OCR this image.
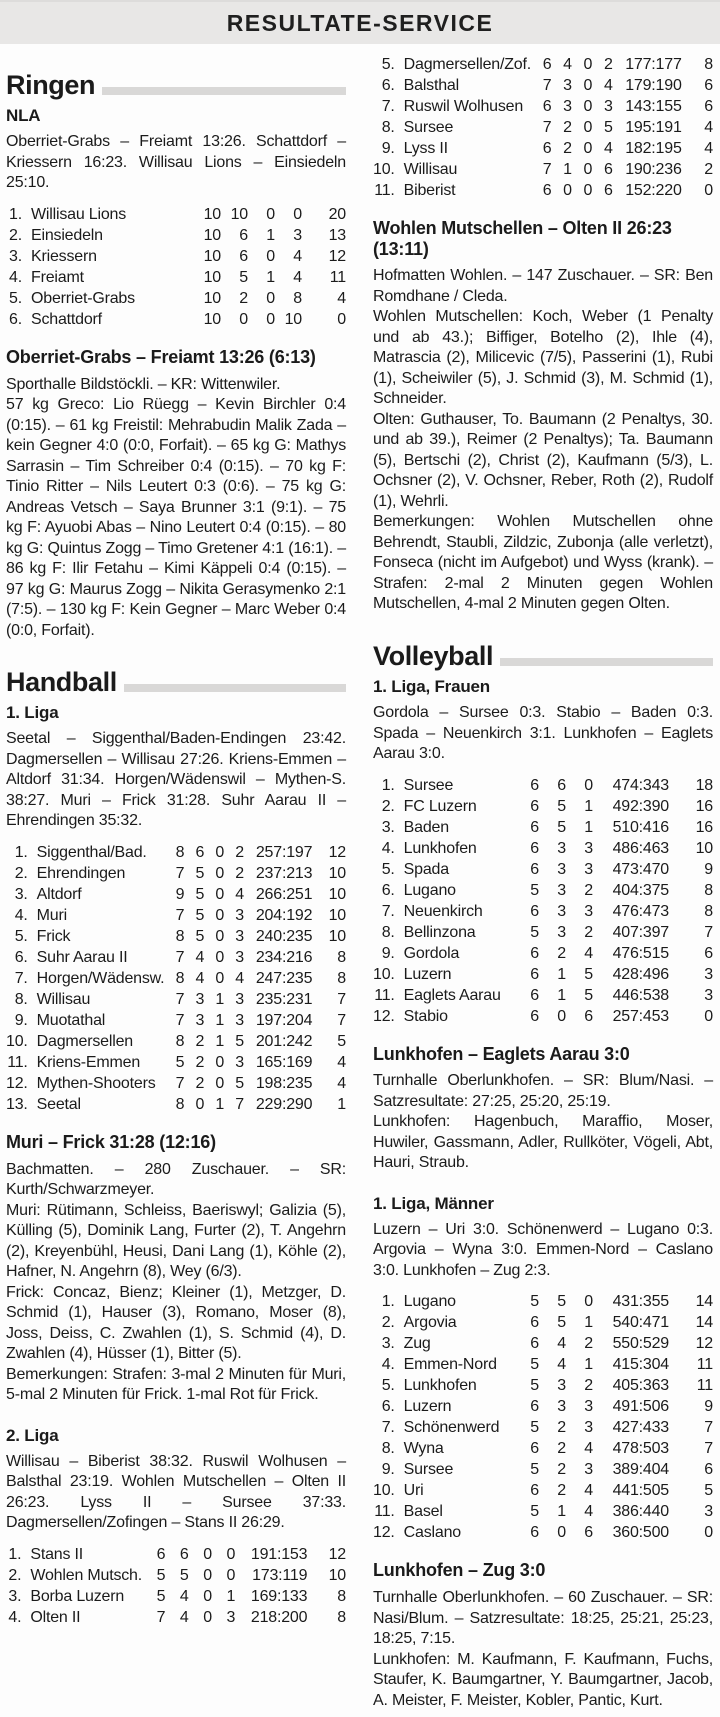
RESULTATE-SERVICE
Ringen
NLA

Oberriet-Grabs – Freiamt 13:26. Schattdorf – Kriessern 16:23. Willisau Lions – Einsiedeln 25:10.

1.	Willisau Lions	10	10	0	0	20
2.	Einsiedeln	10	6	1	3	13
3.	Kriessern	10	6	0	4	12
4.	Freiamt	10	5	1	4	11
5.	Oberriet-Grabs	10	2	0	8	4
6.	Schattdorf	10	0	0	10	0
Oberriet-Grabs – Freiamt 13:26 (6:13)

Sporthalle Bildstöckli. – KR: Wittenwiler.

57 kg Greco: Lio Rüegg – Kevin Birchler 0:4 (0:15). – 61 kg Freistil: Mehrabudin Malik Zada – kein Gegner 4:0 (0:0, Forfait). – 65 kg G: Mathys Sarrasin – Tim Schreiber 0:4 (0:15). – 70 kg F: Tinio Ritter – Nils Leutert 0:3 (0:6). – 75 kg G: Andreas Vetsch – Saya Brunner 3:1 (9:1). – 75 kg F: Ayuobi Abas – Nino Leutert 0:4 (0:15). – 80 kg G: Quintus Zogg – Timo Gretener 4:1 (16:1). – 86 kg F: Ilir Fetahu – Kimi Käppeli 0:4 (0:15). – 97 kg G: Maurus Zogg – Nikita Gerasymenko 2:1 (7:5). – 130 kg F: Kein Gegner – Marc Weber 0:4 (0:0, Forfait).

Handball
1. Liga

Seetal – Siggenthal/Baden-Endingen 23:42. Dagmersellen – Willisau 27:26. Kriens-Emmen – Altdorf 31:34. Horgen/Wädenswil – Mythen-S. 38:27. Muri – Frick 31:28. Suhr Aarau II – Ehrendingen 35:32.

1.	Siggenthal/Bad.	8	6	0	2	257:197	12
2.	Ehrendingen	7	5	0	2	237:213	10
3.	Altdorf	9	5	0	4	266:251	10
4.	Muri	7	5	0	3	204:192	10
5.	Frick	8	5	0	3	240:235	10
6.	Suhr Aarau II	7	4	0	3	234:216	8
7.	Horgen/Wädensw.	8	4	0	4	247:235	8
8.	Willisau	7	3	1	3	235:231	7
9.	Muotathal	7	3	1	3	197:204	7
10.	Dagmersellen	8	2	1	5	201:242	5
11.	Kriens-Emmen	5	2	0	3	165:169	4
12.	Mythen-Shooters	7	2	0	5	198:235	4
13.	Seetal	8	0	1	7	229:290	1
Muri – Frick 31:28 (12:16)

Bachmatten. – 280 Zuschauer. – SR: Kurth/Schwarzmeyer.

Muri: Rütimann, Schleiss, Baeriswyl; Galizia (5), Külling (5), Dominik Lang, Furter (2), T. Angehrn (2), Kreyenbühl, Heusi, Dani Lang (1), Köhle (2), Hafner, N. Angehrn (8), Wey (6/3).

Frick: Concaz, Bienz; Kleiner (1), Metzger, D. Schmid (1), Hauser (3), Romano, Moser (8), Joss, Deiss, C. Zwahlen (1), S. Schmid (4), D. Zwahlen (4), Hüsser (1), Bitter (5).

Bemerkungen: Strafen: 3-mal 2 Minuten für Muri, 5-mal 2 Minuten für Frick. 1-mal Rot für Frick.

2. Liga

Willisau – Biberist 38:32. Ruswil Wolhusen – Balsthal 23:19. Wohlen Mutschellen – Olten II 26:23. Lyss II – Sursee 37:33. Dagmersellen/Zofingen – Stans II 26:29.

1.	Stans II	6	6	0	0	191:153	12
2.	Wohlen Mutsch.	5	5	0	0	173:119	10
3.	Borba Luzern	5	4	0	1	169:133	8
4.	Olten II	7	4	0	3	218:200	8
5.	Dagmersellen/Zof.	6	4	0	2	177:177	8
6.	Balsthal	7	3	0	4	179:190	6
7.	Ruswil Wolhusen	6	3	0	3	143:155	6
8.	Sursee	7	2	0	5	195:191	4
9.	Lyss II	6	2	0	4	182:195	4
10.	Willisau	7	1	0	6	190:236	2
11.	Biberist	6	0	0	6	152:220	0
Wohlen Mutschellen – Olten II 26:23 (13:11)

Hofmatten Wohlen. – 147 Zuschauer. – SR: Ben Romdhane / Cleda.

Wohlen Mutschellen: Koch, Weber (1 Penalty und ab 43.); Biffiger, Botelho (2), Ihle (4), Matrascia (2), Milicevic (7/5), Passerini (1), Rubi (1), Scheiwiler (5), J. Schmid (3), M. Schmid (1), Schneider.

Olten: Guthauser, To. Baumann (2 Penaltys, 30. und ab 39.), Reimer (2 Penaltys); Ta. Baumann (5), Bertschi (2), Christ (2), Kaufmann (5/3), L. Ochsner (2), V. Ochsner, Reber, Roth (2), Rudolf (1), Wehrli.

Bemerkungen: Wohlen Mutschellen ohne Behrendt, Staubli, Zildzic, Zubonja (alle verletzt), Fonseca (nicht im Aufgebot) und Wyss (krank). – Strafen: 2-mal 2 Minuten gegen Wohlen Mutschellen, 4-mal 2 Minuten gegen Olten.

Volleyball
1. Liga, Frauen

Gordola – Sursee 0:3. Stabio – Baden 0:3. Spada – Neuenkirch 3:1. Lunkhofen – Eaglets Aarau 3:0.

1.	Sursee	6	6	0	474:343	18
2.	FC Luzern	6	5	1	492:390	16
3.	Baden	6	5	1	510:416	16
4.	Lunkhofen	6	3	3	486:463	10
5.	Spada	6	3	3	473:470	9
6.	Lugano	5	3	2	404:375	8
7.	Neuenkirch	6	3	3	476:473	8
8.	Bellinzona	5	3	2	407:397	7
9.	Gordola	6	2	4	476:515	6
10.	Luzern	6	1	5	428:496	3
11.	Eaglets Aarau	6	1	5	446:538	3
12.	Stabio	6	0	6	257:453	0
Lunkhofen – Eaglets Aarau 3:0

Turnhalle Oberlunkhofen. – SR: Blum/Nasi. – Satzresultate: 27:25, 25:20, 25:19.

Lunkhofen: Hagenbuch, Maraffio, Moser, Huwiler, Gassmann, Adler, Rullköter, Vögeli, Abt, Hauri, Straub.

1. Liga, Männer

Luzern – Uri 3:0. Schönenwerd – Lugano 0:3. Argovia – Wyna 3:0. Emmen-Nord – Caslano 3:0. Lunkhofen – Zug 2:3.

1.	Lugano	5	5	0	431:355	14
2.	Argovia	6	5	1	540:471	14
3.	Zug	6	4	2	550:529	12
4.	Emmen-Nord	5	4	1	415:304	11
5.	Lunkhofen	5	3	2	405:363	11
6.	Luzern	6	3	3	491:506	9
7.	Schönenwerd	5	2	3	427:433	7
8.	Wyna	6	2	4	478:503	7
9.	Sursee	5	2	3	389:404	6
10.	Uri	6	2	4	441:505	5
11.	Basel	5	1	4	386:440	3
12.	Caslano	6	0	6	360:500	0
Lunkhofen – Zug 3:0

Turnhalle Oberlunkhofen. – 60 Zuschauer. – SR: Nasi/Blum. – Satzresultate: 18:25, 25:21, 25:23, 18:25, 7:15.

Lunkhofen: M. Kaufmann, F. Kaufmann, Fuchs, Staufer, K. Baumgartner, Y. Baumgartner, Jacob, A. Meister, F. Meister, Kobler, Pantic, Kurt.
